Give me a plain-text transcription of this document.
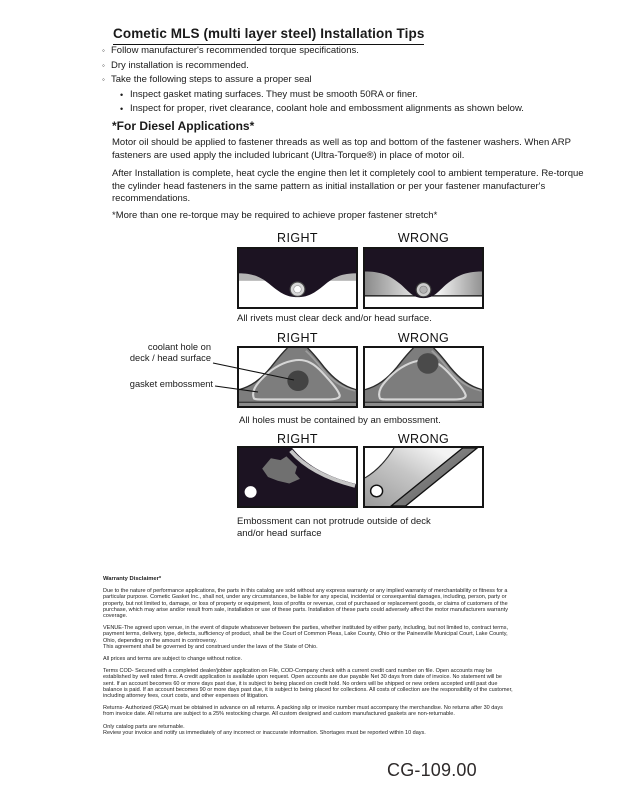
Cometic MLS (multi layer steel) Installation Tips
◦ Follow manufacturer's recommended torque specifications.
◦ Dry installation is recommended.
◦ Take the following steps to assure a proper seal
• Inspect gasket mating surfaces. They must be smooth 50RA or finer.
• Inspect for proper, rivet clearance, coolant hole and embossment alignments as shown below.
*For Diesel Applications*
Motor oil should be applied to fastener threads as well as top and bottom of the fastener washers. When ARP fasteners are used apply the included lubricant (Ultra-Torque®) in place of motor oil.
After Installation is complete, heat cycle the engine then let it completely cool to ambient temperature. Re-torque the cylinder head fasteners in the same pattern as initial installation or per your fastener manufacturer's recommendations.
*More than one re-torque may be required to achieve proper fastener stretch*
RIGHT	WRONG
All rivets must clear deck and/or head surface.
RIGHT	WRONG
All holes must be contained by an embossment.
coolant hole on
deck / head surface
gasket embossment
RIGHT	WRONG
Embossment can not protrude outside of deck
and/or head surface
Warranty Disclaimer*

Due to the nature of performance applications, the parts in this catalog are sold without any express warranty or any implied warranty of merchantability or fitness for a particular purpose. Cometic Gasket Inc., shall not, under any circumstances, be liable for any special, incidental or consequential damages, including, person, party or property, but not limited to, damage, or loss of property or equipment, loss of profits or revenue, cost of purchased or replacement goods, or claims of customers of the purchase, which may arise and/or result from sale, installation or use of these parts. Installation of these parts could adversely affect the motor manufacturers warranty coverage.

VENUE-The agreed upon venue, in the event of dispute whatsoever between the parties, whether instituted by either party, including, but not limited to, contract terms, payment terms, delivery, type, defects, sufficiency of product, shall be the Court of Common Pleas, Lake County, Ohio or the Painesville Municipal Court, Lake County, Ohio, depending on the amount in controversy.
This agreement shall be governed by and construed under the laws of the State of Ohio.

All prices and terms are subject to change without notice.

Terms COD- Secured with a completed dealer/jobber application on File, COD-Company check with a current credit card number on file. Open accounts may be established by well rated firms. A credit application is available upon request. Open accounts are due payable Net 30 days from date of invoice. No statement will be sent. If an account becomes 60 or more days past due, it is subject to being placed on credit hold. No orders will be shipped or new orders accepted until past due balance is paid. If an account becomes 90 or more days past due, it is subject to being placed for collections. All costs of collection are the responsibility of the customer, including attorney fees, court costs, and other expenses of litigation.

Returns- Authorized (RGA) must be obtained in advance on all returns. A packing slip or invoice number must accompany the merchandise. No returns after 30 days from invoice date. All returns are subject to a 25% restocking charge. All custom designed and custom manufactured gaskets are non-returnable.

Only catalog parts are returnable.
Review your invoice and notify us immediately of any incorrect or inaccurate information. Shortages must be reported within 10 days.

CG-109.00
